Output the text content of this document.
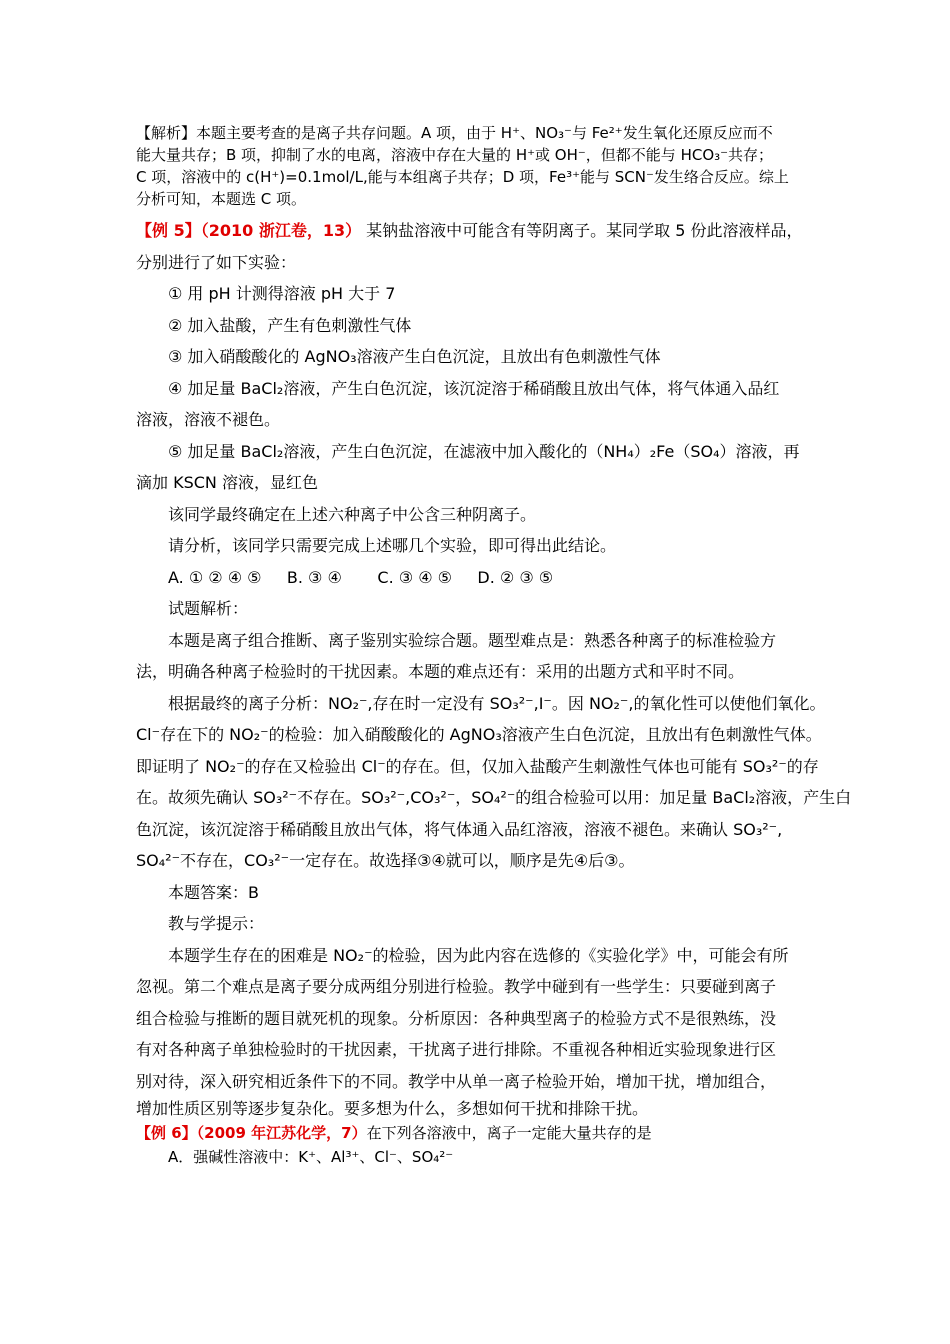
【解析】本题主要考查的是离子共存问题。A 项，由于 H⁺、NO₃⁻与 Fe²⁺发生氧化还原反应而不

能大量共存；B 项，抑制了水的电离，溶液中存在大量的 H⁺或 OH⁻，但都不能与 HCO₃⁻共存；

C 项，溶液中的 c(H⁺)=0.1mol/L,能与本组离子共存；D 项，Fe³⁺能与 SCN⁻发生络合反应。综上

分析可知，本题选 C 项。

【例 5】（2010 浙江卷，13） 某钠盐溶液中可能含有等阴离子。某同学取 5 份此溶液样品，

分别进行了如下实验：

① 用 pH 计测得溶液 pH 大于 7

② 加入盐酸，产生有色刺激性气体

③ 加入硝酸酸化的 AgNO₃溶液产生白色沉淀，且放出有色刺激性气体

④ 加足量 BaCl₂溶液，产生白色沉淀，该沉淀溶于稀硝酸且放出气体，将气体通入品红

溶液，溶液不褪色。

⑤ 加足量 BaCl₂溶液，产生白色沉淀，在滤液中加入酸化的（NH₄）₂Fe（SO₄）溶液，再

滴加 KSCN 溶液，显红色

该同学最终确定在上述六种离子中公含三种阴离子。

请分析，该同学只需要完成上述哪几个实验，即可得出此结论。

A. ① ② ④ ⑤     B. ③ ④       C. ③ ④ ⑤     D. ② ③ ⑤

试题解析：

本题是离子组合推断、离子鉴别实验综合题。题型难点是：熟悉各种离子的标准检验方

法，明确各种离子检验时的干扰因素。本题的难点还有：采用的出题方式和平时不同。

根据最终的离子分析：NO₂⁻,存在时一定没有 SO₃²⁻,I⁻。因 NO₂⁻,的氧化性可以使他们氧化。

Cl⁻存在下的 NO₂⁻的检验：加入硝酸酸化的 AgNO₃溶液产生白色沉淀，且放出有色刺激性气体。

即证明了 NO₂⁻的存在又检验出 Cl⁻的存在。但，仅加入盐酸产生刺激性气体也可能有 SO₃²⁻的存

在。故须先确认 SO₃²⁻不存在。SO₃²⁻,CO₃²⁻，SO₄²⁻的组合检验可以用：加足量 BaCl₂溶液，产生白

色沉淀，该沉淀溶于稀硝酸且放出气体，将气体通入品红溶液，溶液不褪色。来确认 SO₃²⁻,

SO₄²⁻不存在，CO₃²⁻一定存在。故选择③④就可以，顺序是先④后③。

本题答案：B

教与学提示：

本题学生存在的困难是 NO₂⁻的检验，因为此内容在选修的《实验化学》中，可能会有所

忽视。第二个难点是离子要分成两组分别进行检验。教学中碰到有一些学生：只要碰到离子

组合检验与推断的题目就死机的现象。分析原因：各种典型离子的检验方式不是很熟练，没

有对各种离子单独检验时的干扰因素，干扰离子进行排除。不重视各种相近实验现象进行区

别对待，深入研究相近条件下的不同。教学中从单一离子检验开始，增加干扰，增加组合，

增加性质区别等逐步复杂化。要多想为什么，多想如何干扰和排除干扰。

【例 6】（2009 年江苏化学，7）在下列各溶液中，离子一定能大量共存的是

A．强碱性溶液中：K⁺、Al³⁺、Cl⁻、SO₄²⁻
